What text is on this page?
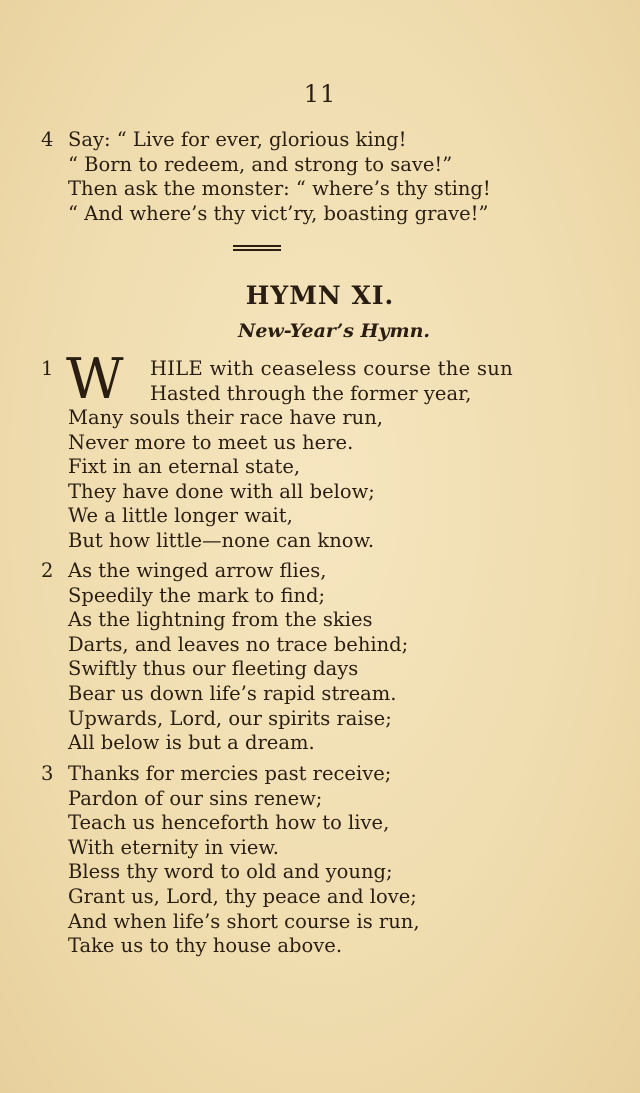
11
4 Say: “ Live for ever, glorious king!
“ Born to redeem, and strong to save!”
Then ask the monster: “ where’s thy sting!
“ And where’s thy vict’ry, boasting grave!”
HYMN XI.
New-Year’s Hymn.
1 W HILE with ceaseless course the sun
Hasted through the former year,
Many souls their race have run,
Never more to meet us here.
Fixt in an eternal state,
They have done with all below;
We a little longer wait,
But how little—none can know.
2 As the winged arrow flies,
Speedily the mark to find;
As the lightning from the skies
Darts, and leaves no trace behind;
Swiftly thus our fleeting days
Bear us down life’s rapid stream.
Upwards, Lord, our spirits raise;
All below is but a dream.
3 Thanks for mercies past receive;
Pardon of our sins renew;
Teach us henceforth how to live,
With eternity in view.
Bless thy word to old and young;
Grant us, Lord, thy peace and love;
And when life’s short course is run,
Take us to thy house above.
